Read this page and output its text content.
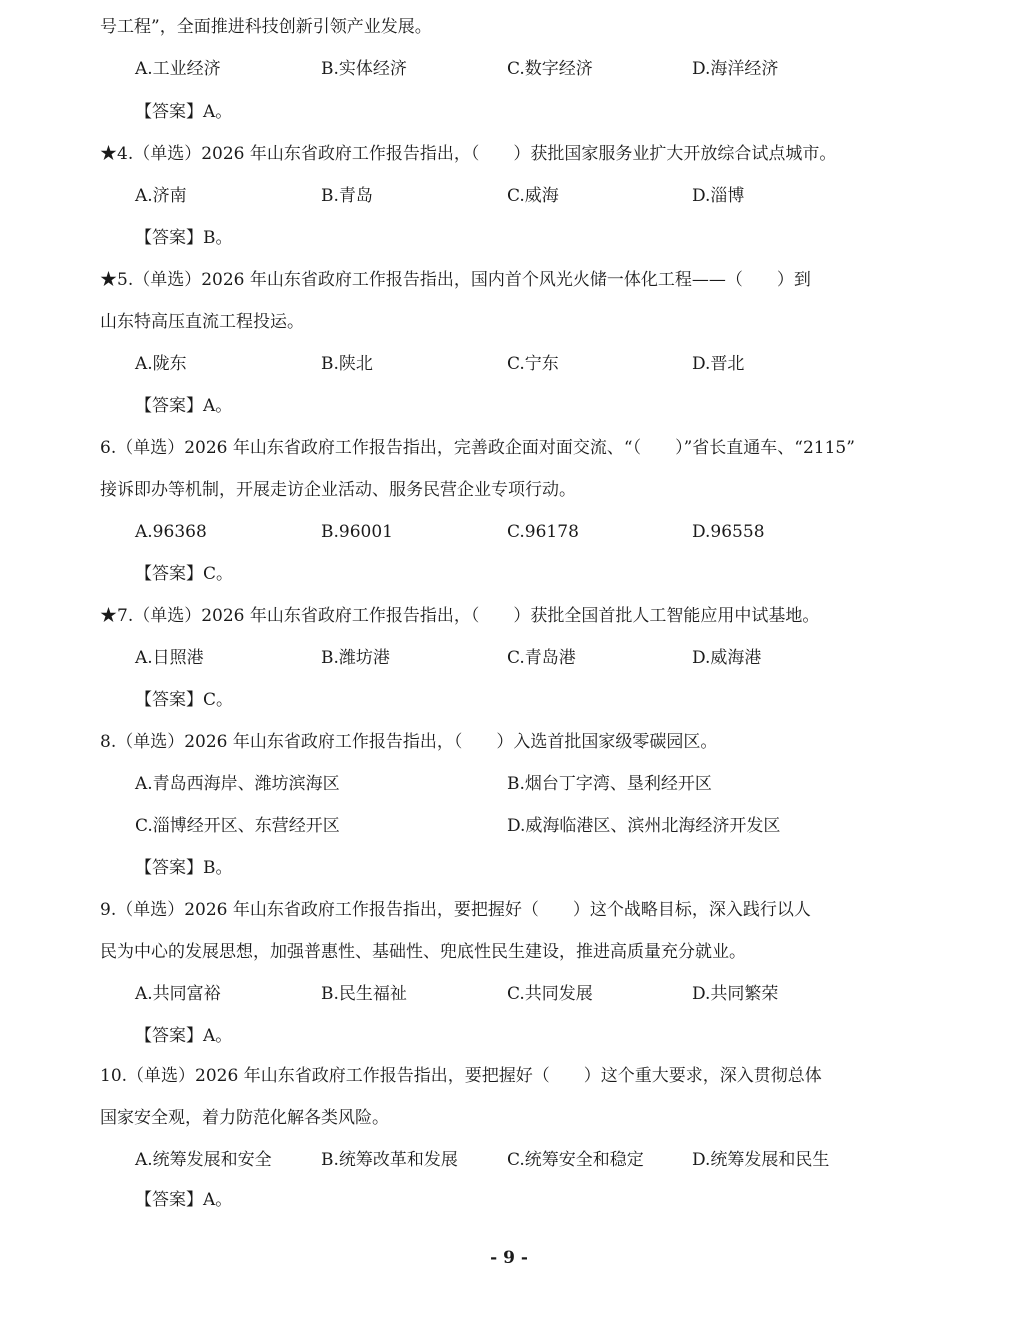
号工程”，全面推进科技创新引领产业发展。
A.工业经济	B.实体经济	C.数字经济	D.海洋经济
【答案】A。
★4.（单选）2026 年山东省政府工作报告指出，（　　）获批国家服务业扩大开放综合试点城市。
A.济南	B.青岛	C.威海	D.淄博
【答案】B。
★5.（单选）2026 年山东省政府工作报告指出，国内首个风光火储一体化工程——（　　）到
山东特高压直流工程投运。
A.陇东	B.陕北	C.宁东	D.晋北
【答案】A。
6.（单选）2026 年山东省政府工作报告指出，完善政企面对面交流、“（　　）”省长直通车、“2115”
接诉即办等机制，开展走访企业活动、服务民营企业专项行动。
A.96368	B.96001	C.96178	D.96558
【答案】C。
★7.（单选）2026 年山东省政府工作报告指出，（　　）获批全国首批人工智能应用中试基地。
A.日照港	B.潍坊港	C.青岛港	D.威海港
【答案】C。
8.（单选）2026 年山东省政府工作报告指出，（　　）入选首批国家级零碳园区。
A.青岛西海岸、潍坊滨海区	B.烟台丁字湾、垦利经开区
C.淄博经开区、东营经开区	D.威海临港区、滨州北海经济开发区
【答案】B。
9.（单选）2026 年山东省政府工作报告指出，要把握好（　　）这个战略目标，深入践行以人
民为中心的发展思想，加强普惠性、基础性、兜底性民生建设，推进高质量充分就业。
A.共同富裕	B.民生福祉	C.共同发展	D.共同繁荣
【答案】A。
10.（单选）2026 年山东省政府工作报告指出，要把握好（　　）这个重大要求，深入贯彻总体
国家安全观，着力防范化解各类风险。
A.统筹发展和安全	B.统筹改革和发展	C.统筹安全和稳定	D.统筹发展和民生
【答案】A。
- 9 -
